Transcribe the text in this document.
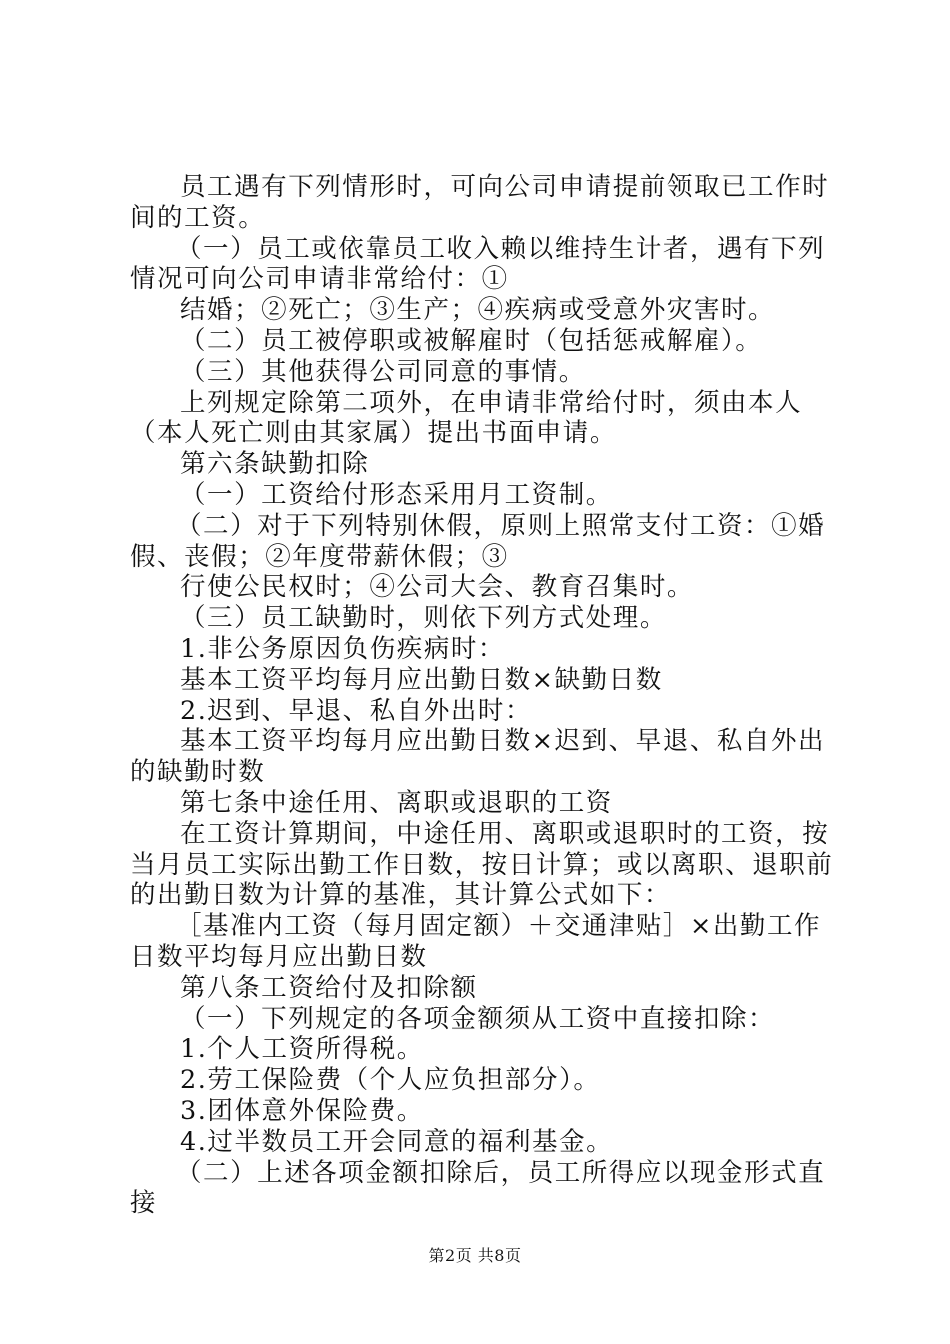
员工遇有下列情形时，可向公司申请提前领取已工作时间的工资。

（一）员工或依靠员工收入赖以维持生计者，遇有下列情况可向公司申请非常给付：①

结婚；②死亡；③生产；④疾病或受意外灾害时。

（二）员工被停职或被解雇时（包括惩戒解雇）。

（三）其他获得公司同意的事情。

上列规定除第二项外，在申请非常给付时，须由本人（本人死亡则由其家属）提出书面申请。

第六条缺勤扣除

（一）工资给付形态采用月工资制。

（二）对于下列特别休假，原则上照常支付工资：①婚假、丧假；②年度带薪休假；③

行使公民权时；④公司大会、教育召集时。

（三）员工缺勤时，则依下列方式处理。

1.非公务原因负伤疾病时：

基本工资平均每月应出勤日数×缺勤日数

2.迟到、早退、私自外出时：

基本工资平均每月应出勤日数×迟到、早退、私自外出的缺勤时数

第七条中途任用、离职或退职的工资

在工资计算期间，中途任用、离职或退职时的工资，按当月员工实际出勤工作日数，按日计算；或以离职、退职前的出勤日数为计算的基准，其计算公式如下：

［基准内工资（每月固定额）＋交通津贴］×出勤工作日数平均每月应出勤日数

第八条工资给付及扣除额

（一）下列规定的各项金额须从工资中直接扣除：

1.个人工资所得税。

2.劳工保险费（个人应负担部分）。

3.团体意外保险费。

4.过半数员工开会同意的福利基金。

（二）上述各项金额扣除后，员工所得应以现金形式直接

第2页 共8页
